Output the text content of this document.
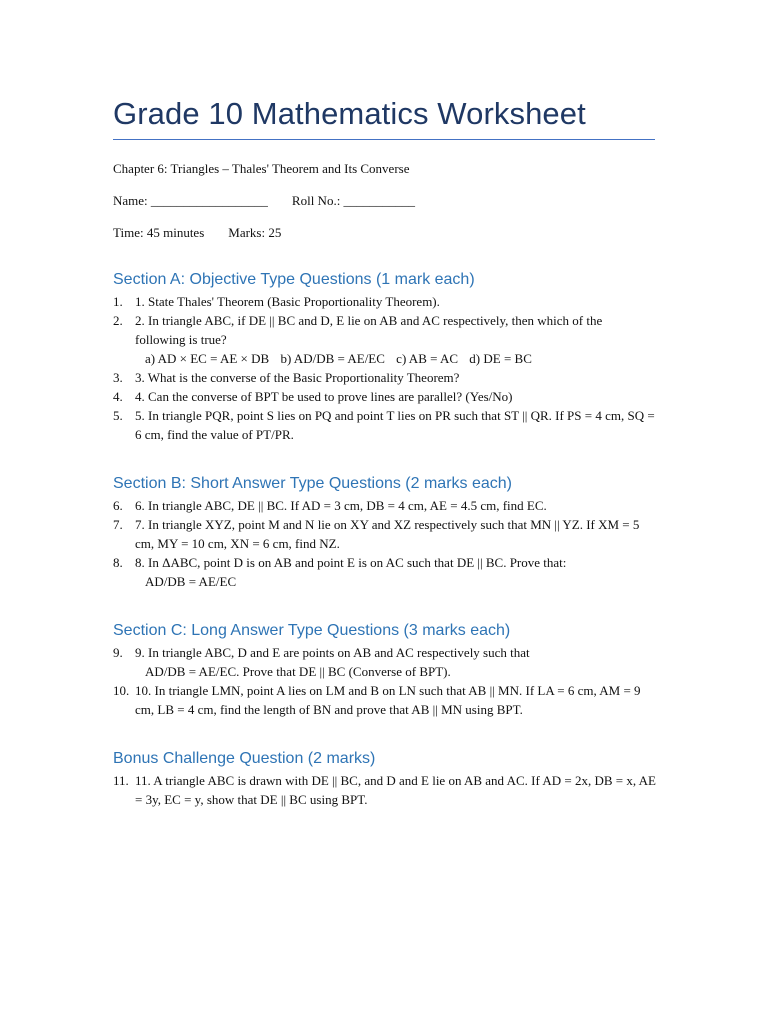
Grade 10 Mathematics Worksheet

Chapter 6: Triangles – Thales' Theorem and Its Converse

Name: __________________ Roll No.: ___________

Time: 45 minutes Marks: 25

Section A: Objective Type Questions (1 mark each)
1. 1. State Thales' Theorem (Basic Proportionality Theorem).
2. 2. In triangle ABC, if DE || BC and D, E lie on AB and AC respectively, then which of the following is true?
a) AD × EC = AE × DB b) AD/DB = AE/EC c) AB = AC d) DE = BC
3. 3. What is the converse of the Basic Proportionality Theorem?
4. 4. Can the converse of BPT be used to prove lines are parallel? (Yes/No)
5. 5. In triangle PQR, point S lies on PQ and point T lies on PR such that ST || QR. If PS = 4 cm, SQ = 6 cm, find the value of PT/PR.
Section B: Short Answer Type Questions (2 marks each)
6. 6. In triangle ABC, DE || BC. If AD = 3 cm, DB = 4 cm, AE = 4.5 cm, find EC.
7. 7. In triangle XYZ, point M and N lie on XY and XZ respectively such that MN || YZ. If XM = 5 cm, MY = 10 cm, XN = 6 cm, find NZ.
8. 8. In ΔABC, point D is on AB and point E is on AC such that DE || BC. Prove that:
AD/DB = AE/EC
Section C: Long Answer Type Questions (3 marks each)
9. 9. In triangle ABC, D and E are points on AB and AC respectively such that
AD/DB = AE/EC. Prove that DE || BC (Converse of BPT).
10. 10. In triangle LMN, point A lies on LM and B on LN such that AB || MN. If LA = 6 cm, AM = 9 cm, LB = 4 cm, find the length of BN and prove that AB || MN using BPT.
Bonus Challenge Question (2 marks)
11. 11. A triangle ABC is drawn with DE || BC, and D and E lie on AB and AC. If AD = 2x, DB = x, AE = 3y, EC = y, show that DE || BC using BPT.
